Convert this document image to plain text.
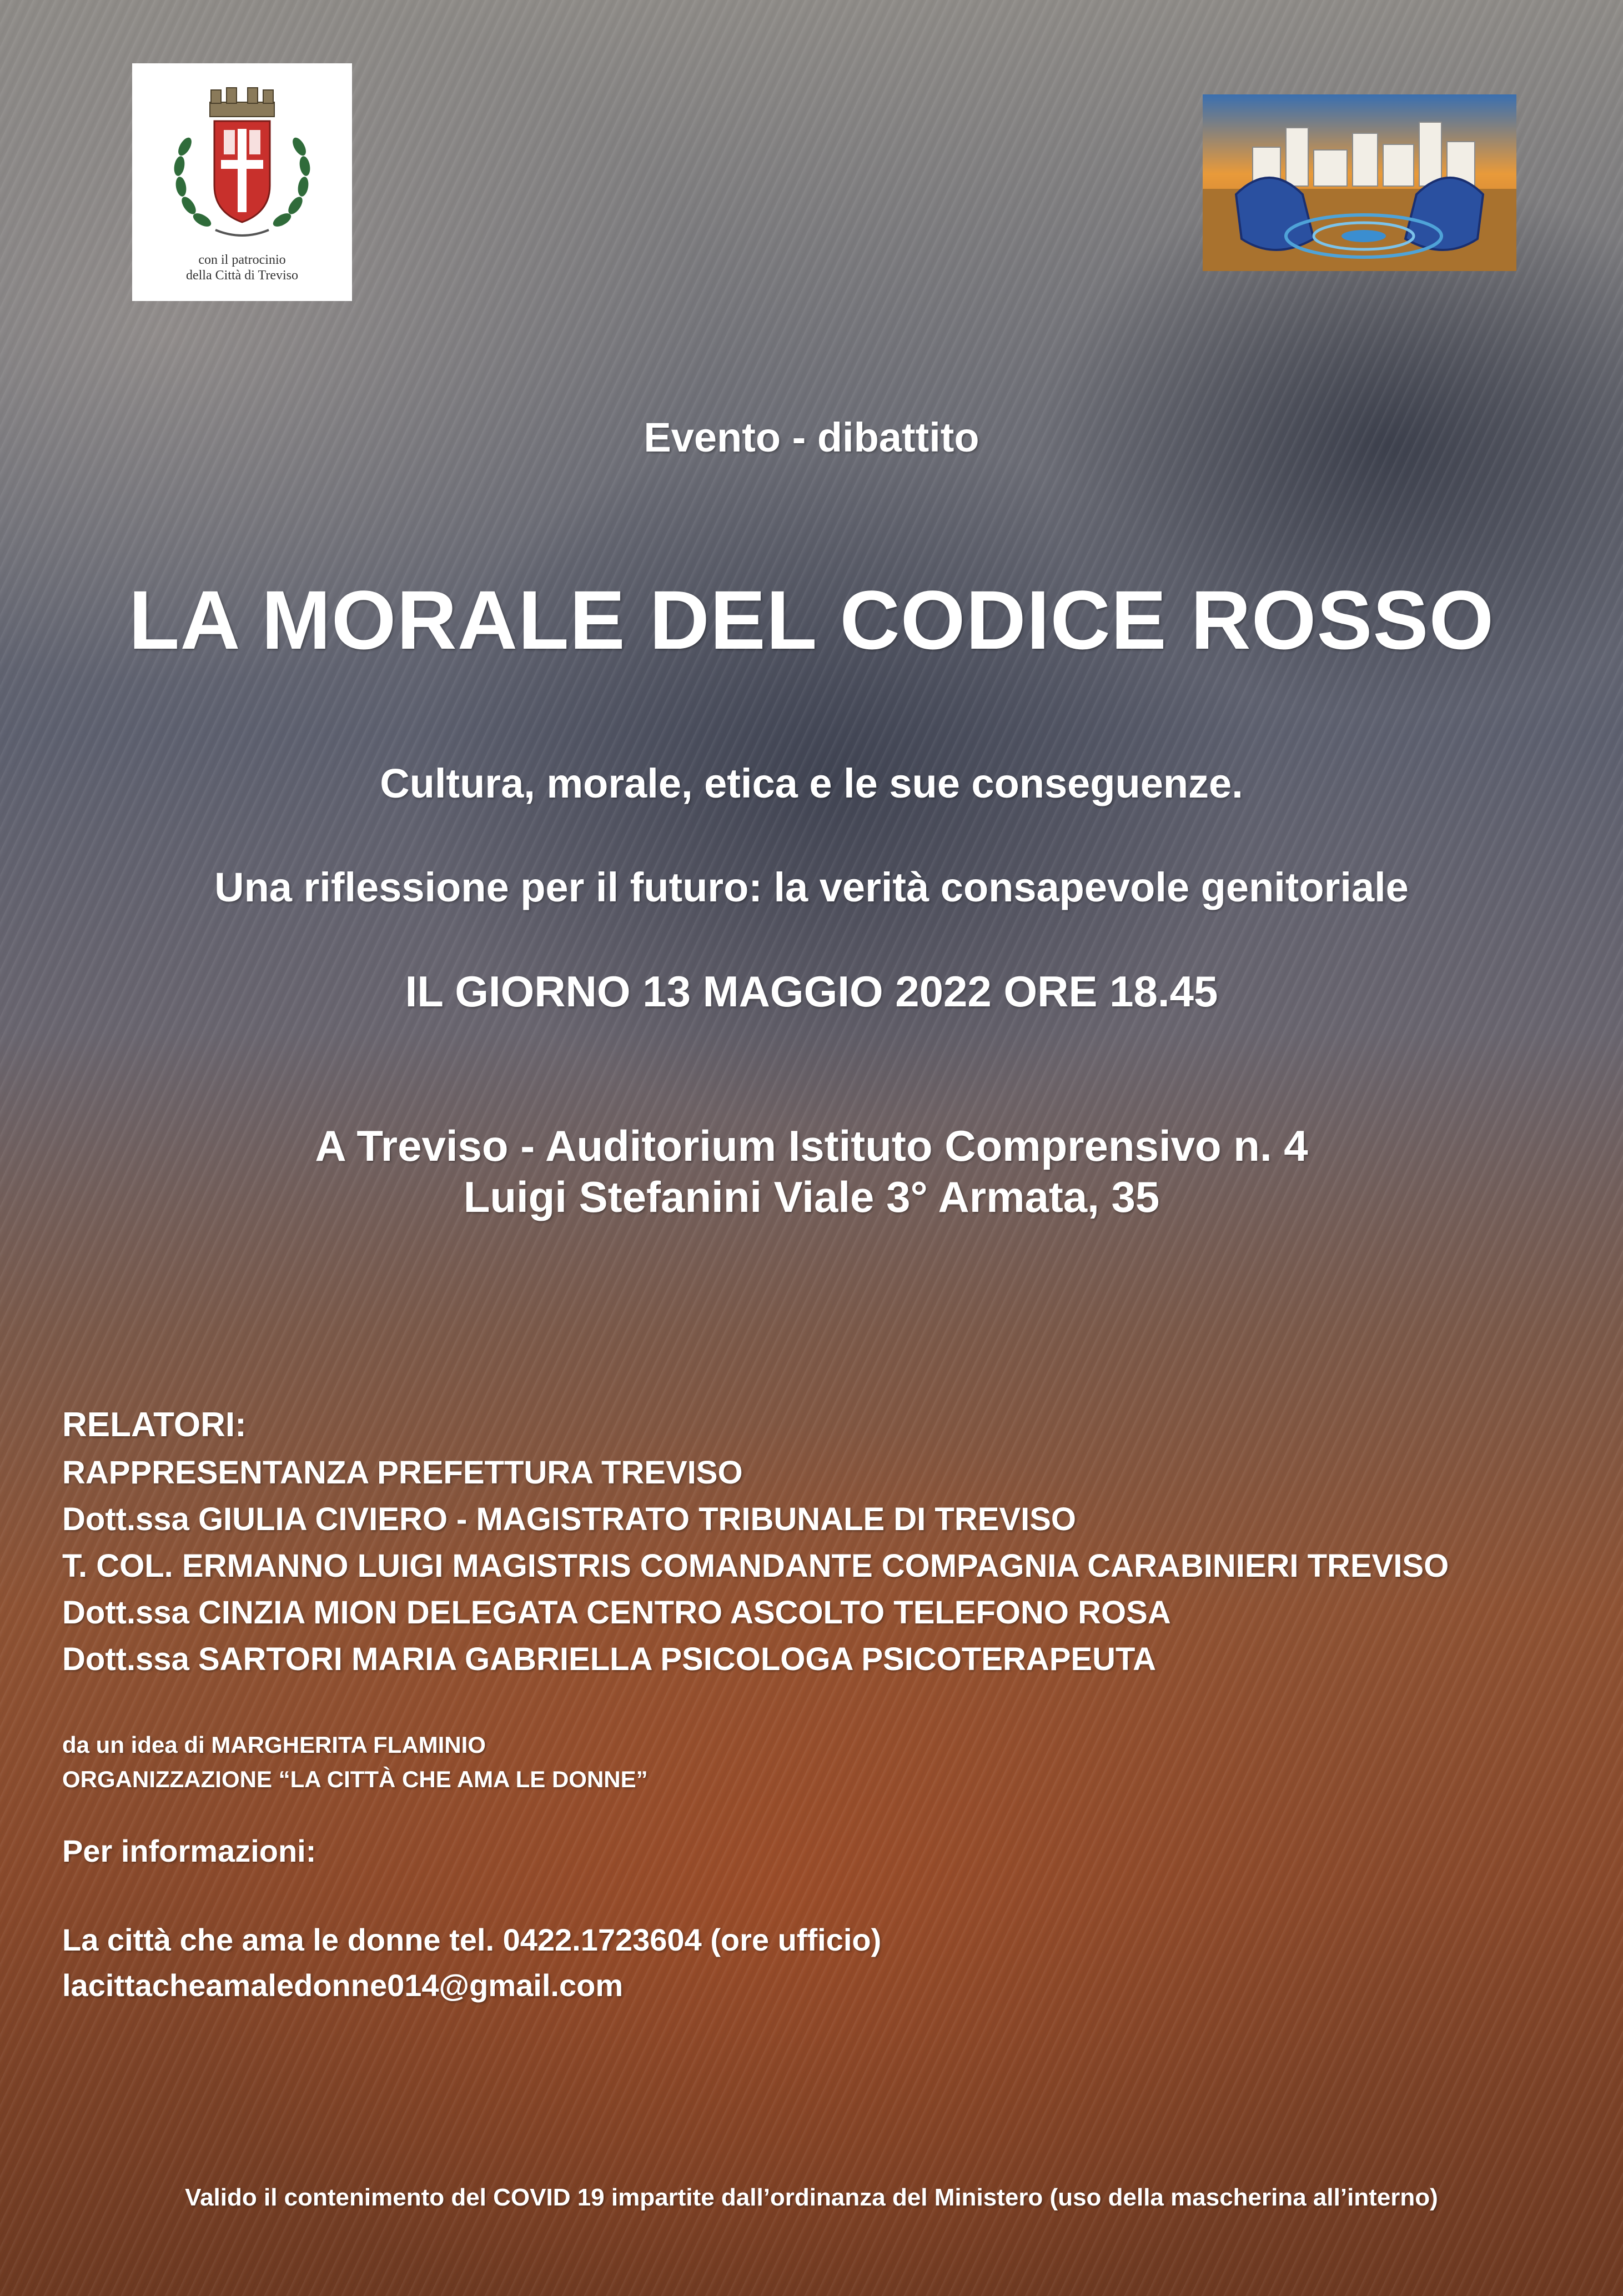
con il patrocinio
della Città di Treviso
Evento - dibattito
LA MORALE DEL CODICE ROSSO
Cultura, morale, etica e le sue conseguenze.
Una riflessione per il futuro: la verità consapevole genitoriale
IL GIORNO 13 MAGGIO 2022 ORE 18.45
A Treviso - Auditorium Istituto Comprensivo n. 4
Luigi Stefanini Viale 3° Armata, 35
RELATORI:
RAPPRESENTANZA PREFETTURA TREVISO
Dott.ssa GIULIA CIVIERO - MAGISTRATO TRIBUNALE DI TREVISO
T. COL. ERMANNO LUIGI MAGISTRIS COMANDANTE COMPAGNIA CARABINIERI TREVISO
Dott.ssa CINZIA MION DELEGATA CENTRO ASCOLTO TELEFONO ROSA
Dott.ssa SARTORI MARIA GABRIELLA PSICOLOGA PSICOTERAPEUTA
da un idea di MARGHERITA FLAMINIO
ORGANIZZAZIONE “LA CITTÀ CHE AMA LE DONNE”
Per informazioni:
La città che ama le donne tel. 0422.1723604 (ore ufficio)
lacittacheamaledonne014@gmail.com
Valido il contenimento del COVID 19 impartite dall’ordinanza del Ministero (uso della mascherina all’interno)
